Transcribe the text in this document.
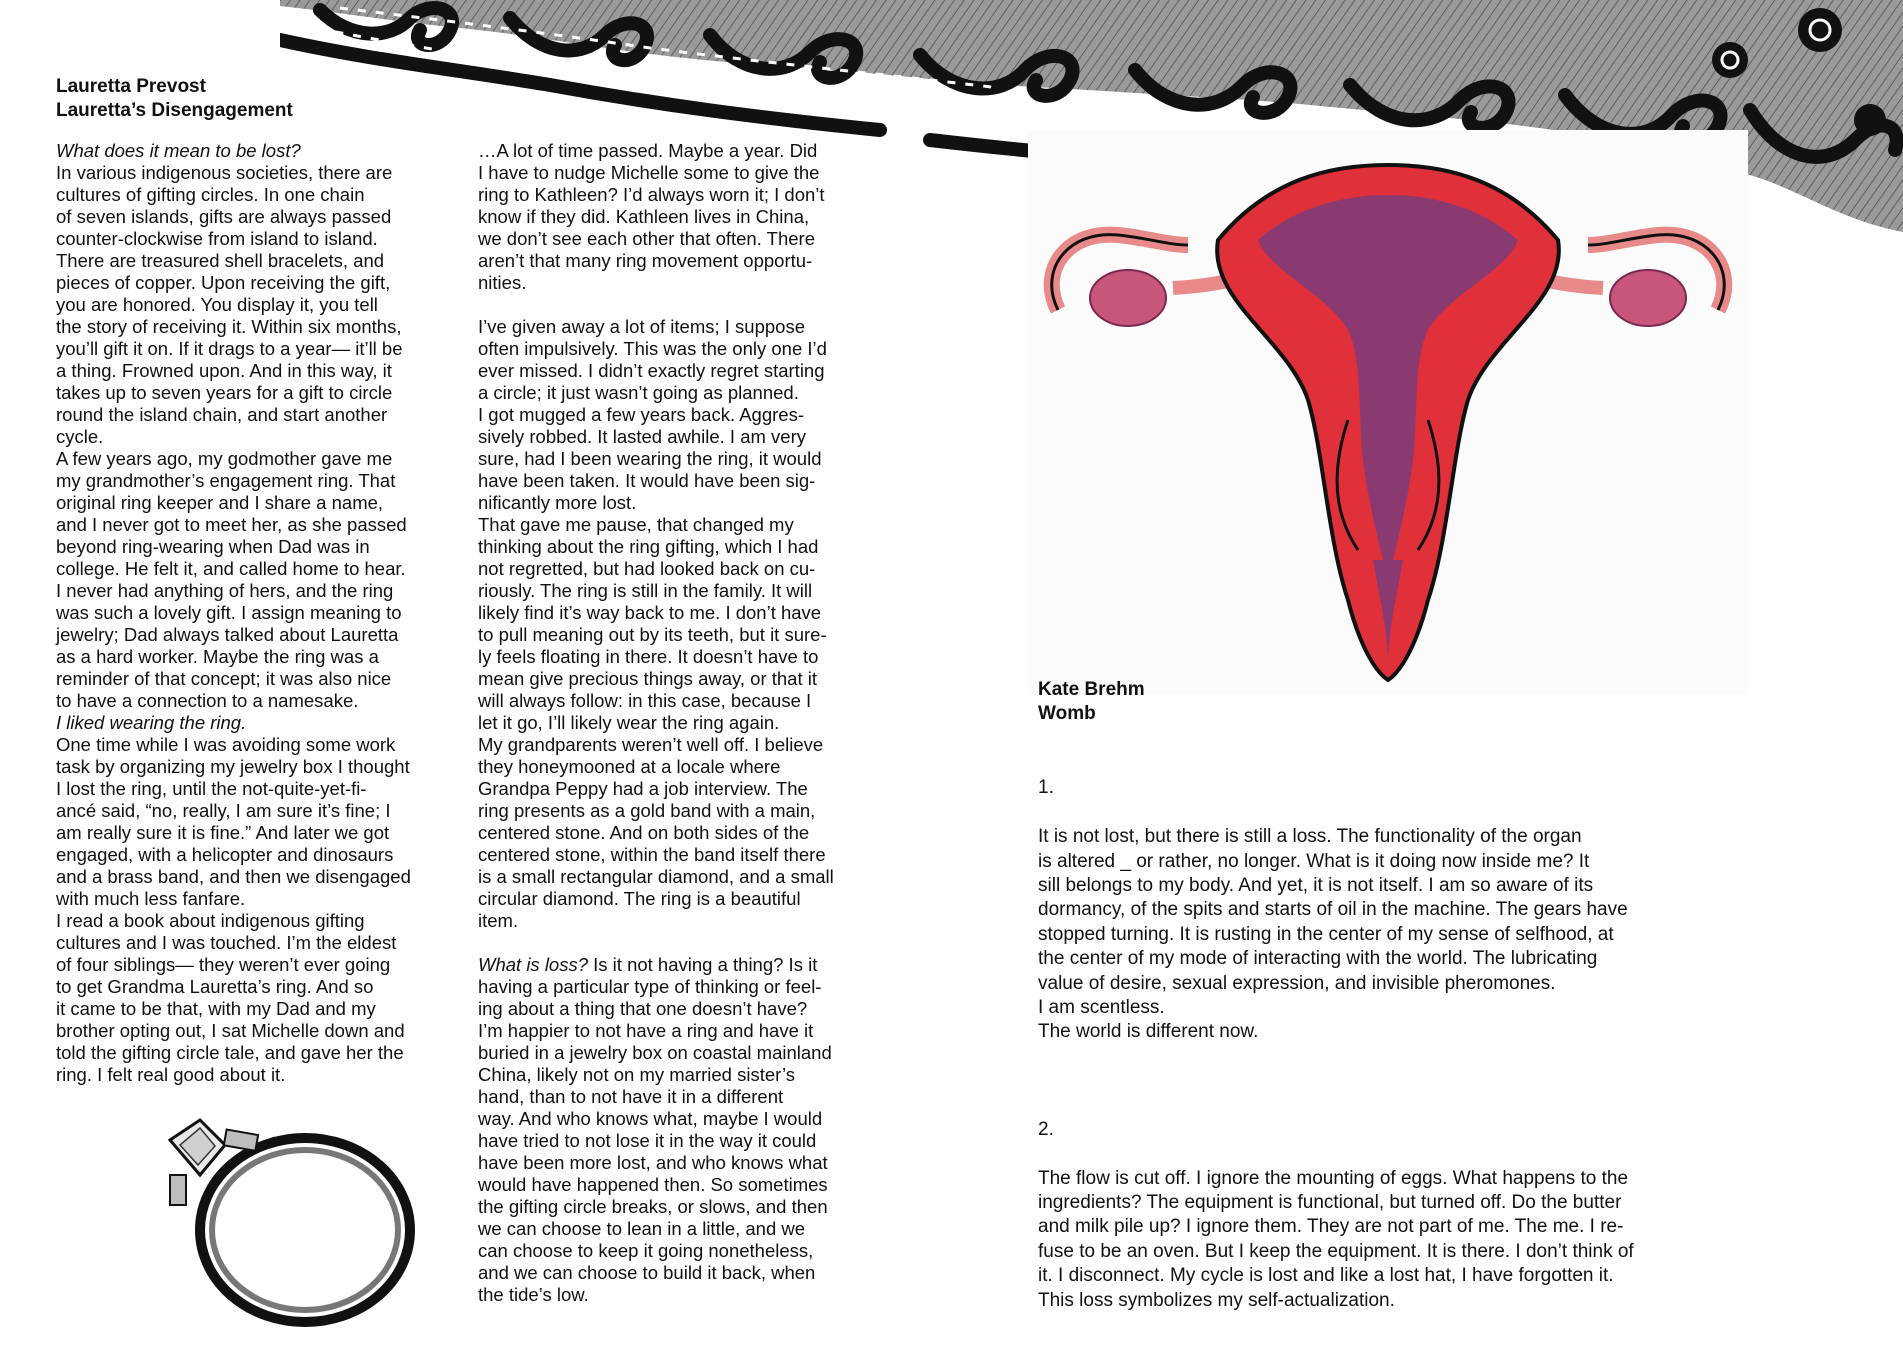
Lauretta Prevost
Lauretta’s Disengagement

What does it mean to be lost?

In various indigenous societies, there are
cultures of gifting circles. In one chain
of seven islands, gifts are always passed
counter-clockwise from island to island.
There are treasured shell bracelets, and
pieces of copper. Upon receiving the gift,
you are honored. You display it, you tell
the story of receiving it. Within six months,
you’ll gift it on. If it drags to a year— it’ll be
a thing. Frowned upon. And in this way, it
takes up to seven years for a gift to circle
round the island chain, and start another
cycle.

A few years ago, my godmother gave me
my grandmother’s engagement ring. That
original ring keeper and I share a name,
and I never got to meet her, as she passed
beyond ring-wearing when Dad was in
college. He felt it, and called home to hear.
I never had anything of hers, and the ring
was such a lovely gift. I assign meaning to
jewelry; Dad always talked about Lauretta
as a hard worker. Maybe the ring was a
reminder of that concept; it was also nice
to have a connection to a namesake.

I liked wearing the ring.

One time while I was avoiding some work
task by organizing my jewelry box I thought
I lost the ring, until the not-quite-yet-fi-
ancé said, “no, really, I am sure it’s fine; I
am really sure it is fine.” And later we got
engaged, with a helicopter and dinosaurs
and a brass band, and then we disengaged
with much less fanfare.

I read a book about indigenous gifting
cultures and I was touched. I’m the eldest
of four siblings— they weren’t ever going
to get Grandma Lauretta’s ring. And so
it came to be that, with my Dad and my
brother opting out, I sat Michelle down and
told the gifting circle tale, and gave her the
ring. I felt real good about it.

…A lot of time passed. Maybe a year. Did
I have to nudge Michelle some to give the
ring to Kathleen? I’d always worn it; I don’t
know if they did. Kathleen lives in China,
we don’t see each other that often. There
aren’t that many ring movement opportu-
nities.

I’ve given away a lot of items; I suppose
often impulsively. This was the only one I’d
ever missed. I didn’t exactly regret starting
a circle; it just wasn’t going as planned.

I got mugged a few years back. Aggres-
sively robbed. It lasted awhile. I am very
sure, had I been wearing the ring, it would
have been taken. It would have been sig-
nificantly more lost.

That gave me pause, that changed my
thinking about the ring gifting, which I had
not regretted, but had looked back on cu-
riously. The ring is still in the family. It will
likely find it’s way back to me. I don’t have
to pull meaning out by its teeth, but it sure-
ly feels floating in there. It doesn’t have to
mean give precious things away, or that it
will always follow: in this case, because I
let it go, I’ll likely wear the ring again.

My grandparents weren’t well off. I believe
they honeymooned at a locale where
Grandpa Peppy had a job interview. The
ring presents as a gold band with a main,
centered stone. And on both sides of the
centered stone, within the band itself there
is a small rectangular diamond, and a small
circular diamond. The ring is a beautiful
item.

What is loss? Is it not having a thing? Is it
having a particular type of thinking or feel-
ing about a thing that one doesn’t have?
I’m happier to not have a ring and have it
buried in a jewelry box on coastal mainland
China, likely not on my married sister’s
hand, than to not have it in a different
way. And who knows what, maybe I would
have tried to not lose it in the way it could
have been more lost, and who knows what
would have happened then. So sometimes
the gifting circle breaks, or slows, and then
we can choose to lean in a little, and we
can choose to keep it going nonetheless,
and we can choose to build it back, when
the tide’s low.

Kate Brehm
Womb

1.

It is not lost, but there is still a loss. The functionality of the organ
is altered _ or rather, no longer. What is it doing now inside me? It
sill belongs to my body. And yet, it is not itself. I am so aware of its
dormancy, of the spits and starts of oil in the machine. The gears have
stopped turning. It is rusting in the center of my sense of selfhood, at
the center of my mode of interacting with the world. The lubricating
value of desire, sexual expression, and invisible pheromones.
I am scentless.
The world is different now.

2.

The flow is cut off. I ignore the mounting of eggs. What happens to the
ingredients? The equipment is functional, but turned off. Do the butter
and milk pile up? I ignore them. They are not part of me. The me. I re-
fuse to be an oven. But I keep the equipment. It is there. I don’t think of
it. I disconnect. My cycle is lost and like a lost hat, I have forgotten it.
This loss symbolizes my self-actualization.
